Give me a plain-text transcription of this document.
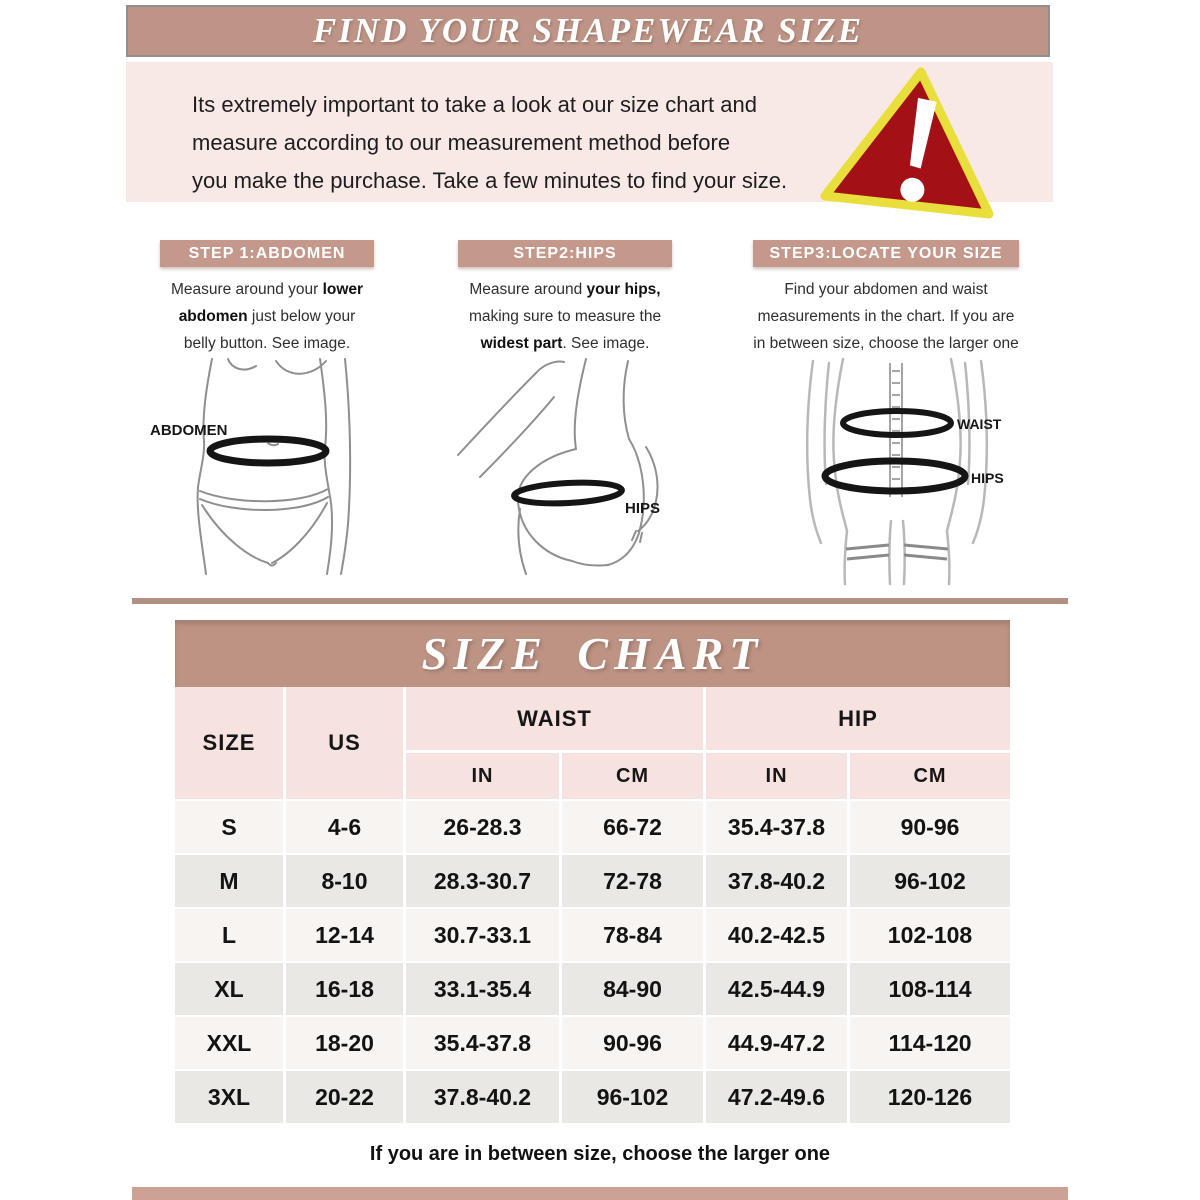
FIND YOUR SHAPEWEAR SIZE
Its extremely important to take a look at our size chart and
measure according to our measurement method before
you make the purchase. Take a few minutes to find your size.
STEP 1:ABDOMEN
Measure around your lower
abdomen just below your
belly button. See image.
ABDOMEN
STEP2:HIPS
Measure around your hips,
making sure to measure the
widest part. See image.
HIPS
STEP3:LOCATE YOUR SIZE
Find your abdomen and waist
measurements in the chart. If you are
in between size, choose the larger one
WAIST
HIPS
SIZE CHART
SIZE	US	WAIST		HIP	
		IN	CM	IN	CM
S	4-6	26-28.3	66-72	35.4-37.8	90-96
M	8-10	28.3-30.7	72-78	37.8-40.2	96-102
L	12-14	30.7-33.1	78-84	40.2-42.5	102-108
XL	16-18	33.1-35.4	84-90	42.5-44.9	108-114
XXL	18-20	35.4-37.8	90-96	44.9-47.2	114-120
3XL	20-22	37.8-40.2	96-102	47.2-49.6	120-126
If you are in between size, choose the larger one
